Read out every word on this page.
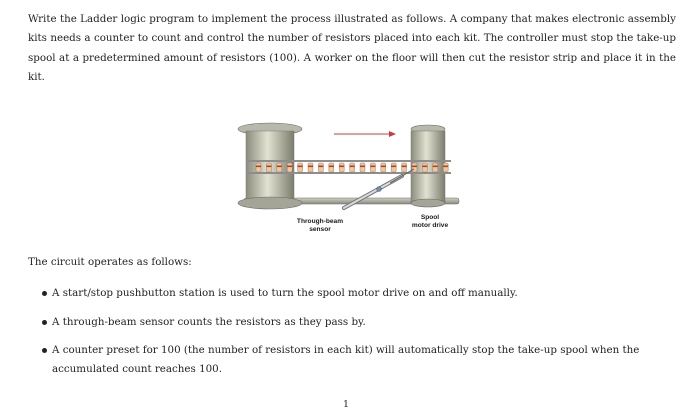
Write the Ladder logic program to implement the process illustrated as follows. A company that makes electronic assembly kits needs a counter to count and control the number of resistors placed into each kit. The controller must stop the take-up spool at a predetermined amount of resistors (100). A worker on the floor will then cut the resistor strip and place it in the kit.
Through-beam
sensor
Spool
motor drive
The circuit operates as follows:
A start/stop pushbutton station is used to turn the spool motor drive on and off manually.
A through-beam sensor counts the resistors as they pass by.
A counter preset for 100 (the number of resistors in each kit) will automatically stop the take-up spool when the accumulated count reaches 100.
1
